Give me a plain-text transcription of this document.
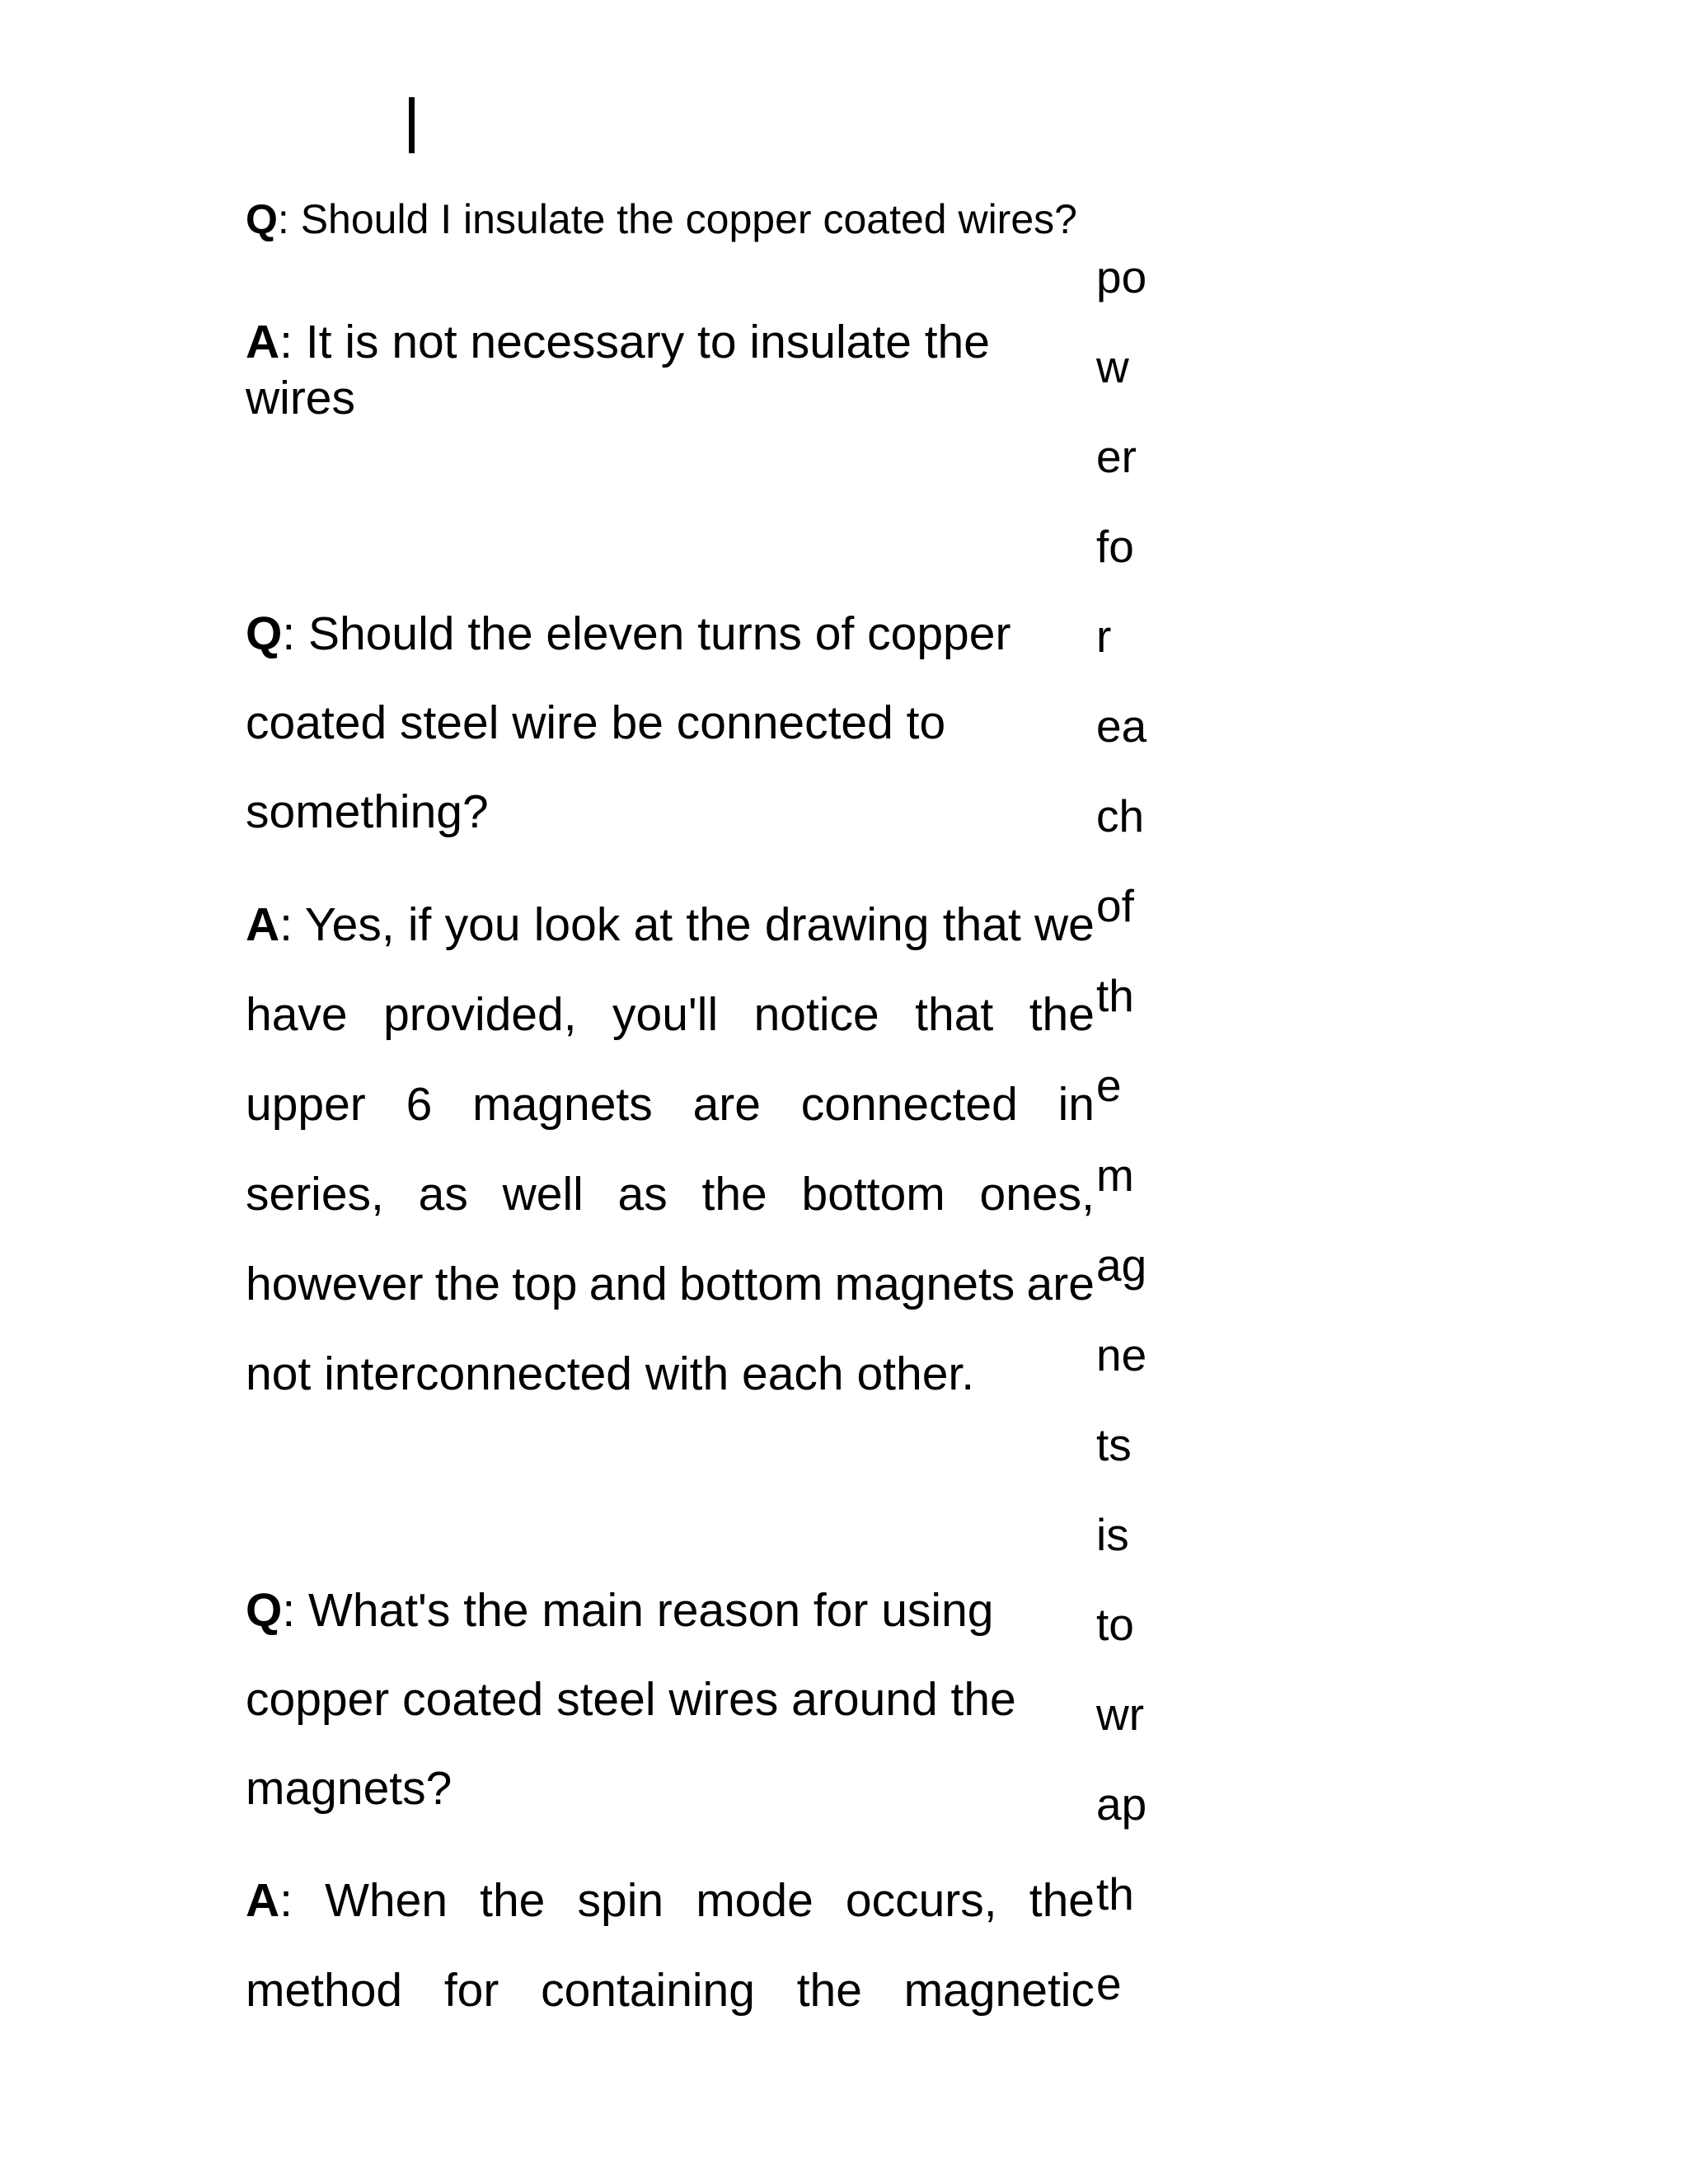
Q: Should I insulate the copper coated wires?

A: It is not necessary to insulate the
wires
Q: Should the eleven turns of copper
coated steel wire be connected to
something?
A: Yes, if you look at the drawing that we
have provided, you'll notice that the
upper 6 magnets are connected in
series, as well as the bottom ones,
however the top and bottom magnets are
not interconnected with each other.
Q: What's the main reason for using
copper coated steel wires around the
magnets?
A: When the spin mode occurs, the
method for containing the magnetic
po
w
er
fo
r
ea
ch
of
th
e
m
ag
ne
ts
is
to
wr
ap
th
e
